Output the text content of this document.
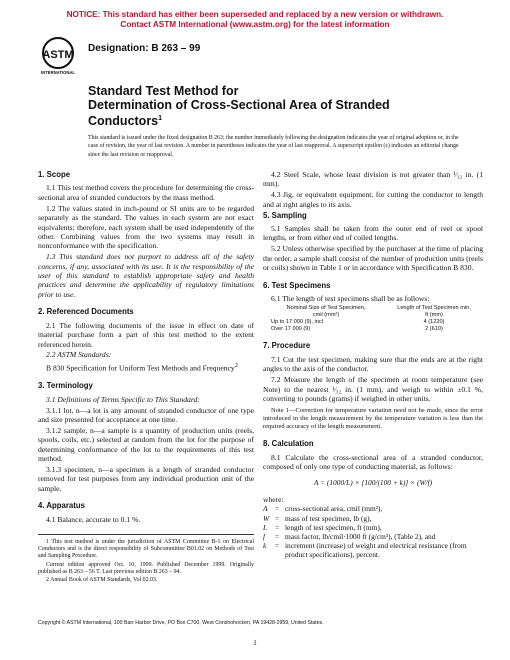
NOTICE: This standard has either been superseded and replaced by a new version or withdrawn.
Contact ASTM International (www.astm.org) for the latest information
ASTM
INTERNATIONAL
Designation: B 263 – 99
Standard Test Method for
Determination of Cross-Sectional Area of Stranded
Conductors$^1$
This standard is issued under the fixed designation B 263; the number immediately following the designation indicates the year of original adoption or, in the case of revision, the year of last revision. A number in parentheses indicates the year of last reapproval. A superscript epsilon (ε) indicates an editorial change since the last revision or reapproval.
1. Scope

1.1 This test method covers the procedure for determining the cross-sectional area of stranded conductors by the mass method.

1.2 The values stated in inch-pound or SI units are to be regarded separately as the standard. The values in each system are not exact equivalents; therefore, each system shall be used independently of the other. Combining values from the two systems may result in nonconformance with the specification.

1.3 This standard does not purport to address all of the safety concerns, if any, associated with its use. It is the responsibility of the user of this standard to establish appropriate safety and health practices and determine the applicability of regulatory limitations prior to use.

2. Referenced Documents

2.1 The following documents of the issue in effect on date of material purchase form a part of this test method to the extent referenced herein.

2.2 ASTM Standards:

B 830 Specification for Uniform Test Methods and Frequency$^2$

3. Terminology

3.1 Definitions of Terms Specific to This Standard:

3.1.1 lot, n—a lot is any amount of stranded conductor of one type and size presented for acceptance at one time.

3.1.2 sample, n—a sample is a quantity of production units (reels, spools, coils, etc.) selected at random from the lot for the purpose of determining conformance of the lot to the requirements of this test method.

3.1.3 specimen, n—a specimen is a length of stranded conductor removed for test purposes from any individual production unit of the sample.

4. Apparatus

4.1 Balance, accurate to 0.1 %.

1 This test method is under the jurisdiction of ASTM Committee B-1 on Electrical Conductors and is the direct responsibility of Subcommittee B01.02 on Methods of Test and Sampling Procedure.

Current edition approved Oct. 10, 1999. Published December 1999. Originally published as B 263 – 56 T. Last previous edition B 263 – 94.

2 Annual Book of ASTM Standards, Vol 02.03.

4.2 Steel Scale, whose least division is not greater than ¹⁄₃₂ in. (1 mm).

4.3 Jig, or equivalent equipment, for cutting the conductor to length and at right angles to its axis.

5. Sampling

5.1 Samples shall be taken from the outer end of reel or spool lengths, or from either end of coiled lengths.

5.2 Unless otherwise specified by the purchaser at the time of placing the order, a sample shall consist of the number of production units (reels or coils) shown in Table 1 or in accordance with Specification B 830.

6. Test Specimens

6.1 The length of test specimens shall be as follows:

Nominal Size of Test Specimen,
cmil (mm²)
Length of Test Specimen min,
ft (mm)
Up to 17 000 (9), incl	4 (1220)
Over 17 000 (9)	2 (610)
7. Procedure

7.1 Cut the test specimen, making sure that the ends are at the right angles to the axis of the conductor.

7.2 Measure the length of the specimen at room temperature (see Note) to the nearest ¹⁄₃₂ in. (1 mm), and weigh to within ±0.1 %, converting to pounds (grams) if weighed in other units.

Note 1—Correction for temperature variation need not be made, since the error introduced in the length measurement by the temperature variation is less than the required accuracy of the length measurement.
8. Calculation

8.1 Calculate the cross-sectional area of a stranded conductor, composed of only one type of conducting material, as follows:

A = (1000/L) × [100/(100 + k)] × (W/f)
where:
A	= cross-sectional area, cmil (mm²),
W = mass of test specimen, lb (g),
L	= length of test specimen, ft (mm),
f	= mass factor, lb/cmil·1000 ft (g/cm³), (Table 2), and
k	= increment (increase) of weight and electrical resistance (from product specifications), percent.
Copyright © ASTM International, 100 Barr Harbor Drive, PO Box C700, West Conshohocken, PA 19428-2959, United States.
1
